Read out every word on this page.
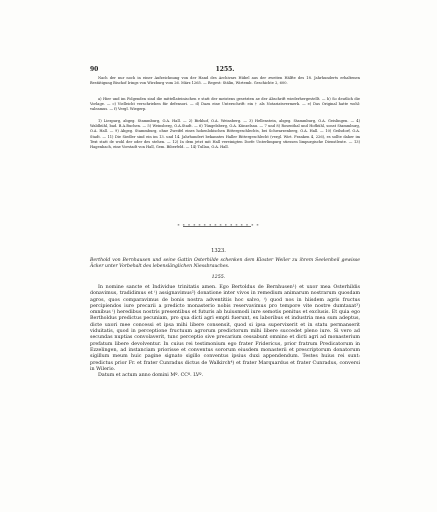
90	1255.

Nach der nur noch in einer Aufzeichnung von der Hand des Archivars Hübel aus der zweiten Hälfte des 18. Jahrhunderts erhaltenen Bestätigung Bischof Irings von Wirzburg vom 26. März 1265. — Regest: Stälin, Wirtemb. Geschichte 2, 600.

a) Hier und im Folgenden sind die mittellateinischen e statt der meistens gesetzten ae der Abschrift wiederhergestellt. — b) So deutlich die Vorlage. — c) Vielleicht verschrieben für defensori. — d) Dazu eine Unterschrift: ein † als Notariatsvermerk. — e) Das Original hatte wohl: valeamus. — f) Vergl. Wiegerp.

1) Liezpurg, abgeg. Stammburg, O.A. Hall. — 2) Birkhof, O.A. Weinsberg. — 3) Hellenstein, abgeg. Stammburg, O.A. Geislingen. — 4) Waldbühl, bad. B.A.Buchen. — 5) Weinsberg, O.A.Stadt. — 6) Tüngelsberg, O.A. Künzelsau. — 7 und 8) Rosenthal und Hofbühl, sonst Stammburg, O.A. Hall. — 9) Abgeg. Stammburg, ohne Zweifel eines hohenlohischen Rittergeschlechts, bei Schwarzenberg, O.A. Hall. — 10) Geilsdorf, O.A. Stadt. — 11) Die Siedler sind ein im 13. und 14. Jahrhundert bekanntes Haller Rittergeschlecht (vergl. Wirt. Franken 4, 226), es sollte daher im Text statt de wohl der oder des stehen. — 12) In dem jetzt mit Hall vereinigten Dorfe Unterlimpurg stiessen limpurgische Dienstleute. — 13) Hagenbach, eine Vorstadt von Hall, Gem. Biberfeld. — 14) Tullau, O.A. Hall.

* * * * * * * * * * * * * * * *
1323.
Berthold von Bernhausen und seine Gattin Osterhilde schenken dem Kloster Weiler zu ihrem Seelenheil gewisse Äcker unter Vorbehalt des lebenslänglichen Niessbrauches.
1255.

In nomine sancte et Individue trinitatis amen. Ego Bertoldus de Bernhusen¹) et uxor mea Osterhildis donavimus, tradidimus et ⁱ) assignavimus²) donatione inter vivos in remedium animarum nostrarum quosdam agros, quos comparavimus de bonis nostra adventitiis hoc salvo, ⁱ) quod nos in hiisdem agris fructus percipiendos iure precarii a predicto monasterio nobis reservavimus pro tempore vite nostre dumtaxat³) omnibus ⁱ) heredibus nostris presentibus et futuris ab huiusmodi iure semotis penitus et exclusis. Et quia ego Bertholdus predictus pecuniam, pro qua dicti agri empti fuerunt, ex laboribus et industria mea sum adeptus, dicte uxori mee concessi et ipsa mihi libere consensit, quod si ipsa supervixerit et in statu permanserit viduitatis, quod in perceptione fructuum agrorum predictorum mihi libere succedet pleno iure. Si vero ad secundas nuptias convolaverit, tunc perceptio sive precarium cessabunt omnino et dicti agri ad monasterium prefatum libere devolventur. In cuius rei testimonium ego frater Fridericus, prior fratrum Predicatorum in Ezzelingen, ad instanciam priorisse et conventus sororum eiusdem monasterii et prescriptorum donatorum sigillum meum huic pagine signato sigillo conventus ipsius duxi appendendum. Testes huius rei sunt: predictus prior Fr. et frater Cunradus dictus de Walkirch⁴) et frater Marquardus et frater Cunradus, conversi in Wilerio.

Datum et actum anno domini Mº. CCº. LVº.
